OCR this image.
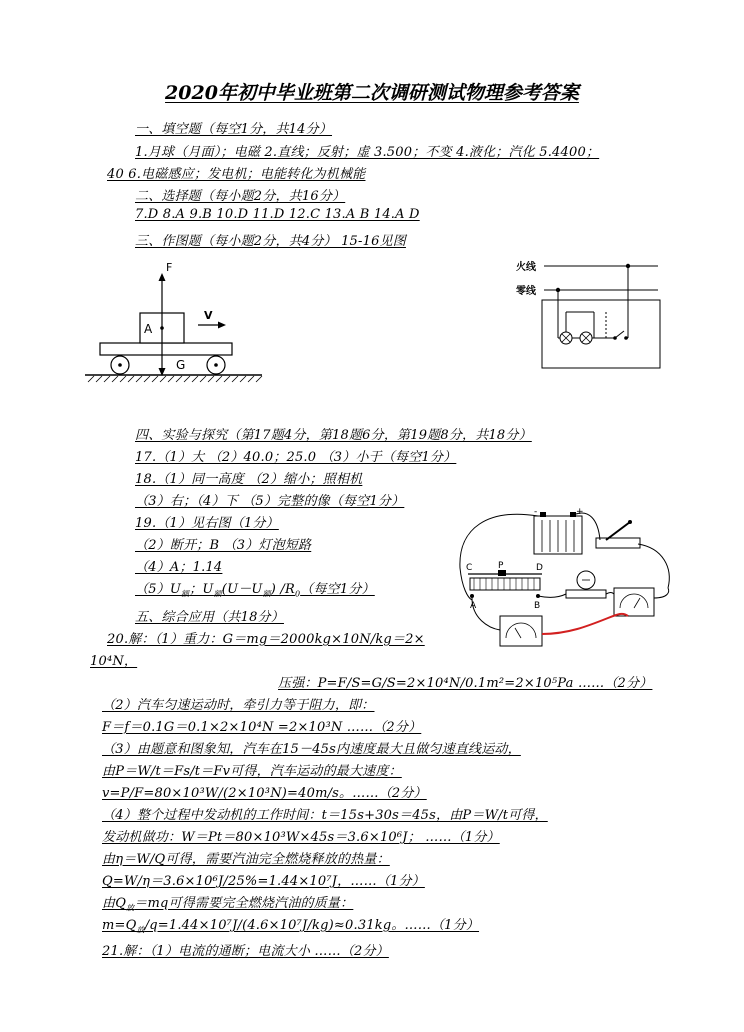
2020年初中毕业班第二次调研测试物理参考答案
一、填空题（每空1分，共14分）
1.月球（月面）；电磁 2.直线；反射；虚 3.500；不变 4.液化；汽化 5.4400；
40 6.电磁感应；发电机；电能转化为机械能
二、选择题（每小题2分，共16分）
7.D 8.A 9.B 10.D 11.D 12.C 13.A B 14.A D
三、作图题（每小题2分，共4分） 15-16见图
A
F
G
V
火线
零线
四、实验与探究（第17题4分，第18题6分，第19题8分，共18分）
17.（1）大 （2）40.0；25.0 （3）小于（每空1分）
18.（1）同一高度 （2）缩小；照相机
（3）右；（4）下 （5）完整的像（每空1分）
19.（1）见右图（1分）
（2）断开；B （3）灯泡短路
（4）A；1.14
$(5)U_额$；$U_额(U-U_额)$ $/R_0$（每空1分）
+
-
C	P	D
A	B
五、综合应用（共18分）
20.解：（1）重力：G＝mg＝2000kg×10N/kg＝2×
10⁴N，
压强：P=F/S=G/S=2×10⁴N/0.1m²=2×10⁵Pa ……（2分）
（2）汽车匀速运动时，牵引力等于阻力，即：
F＝f＝0.1G＝0.1×2×10⁴N =2×10³N ……（2分）
（3）由题意和图象知，汽车在15－45s内速度最大且做匀速直线运动，
由P＝W/t＝Fs/t＝Fv可得，汽车运动的最大速度：
v=P/F=80×10³W/(2×10³N)=40m/s。……（2分）
（4）整个过程中发动机的工作时间：t＝15s+30s＝45s，由P＝W/t可得，
发动机做功：W＝Pt＝80×10³W×45s＝3.6×10⁶J； ……（1分）
由η＝W/Q可得，需要汽油完全燃烧释放的热量：
Q=W/η＝3.6×10⁶J/25%=1.44×10⁷J，……（1分）
由$Q_放=mq$可得需要完全燃烧汽油的质量：
$m=Q_放/q=1.44\times 10^7J/(4.6\times 10^7J/kg)\approx 0.31kg$。……（1分）
21.解：（1）电流的通断；电流大小 ……（2分）
